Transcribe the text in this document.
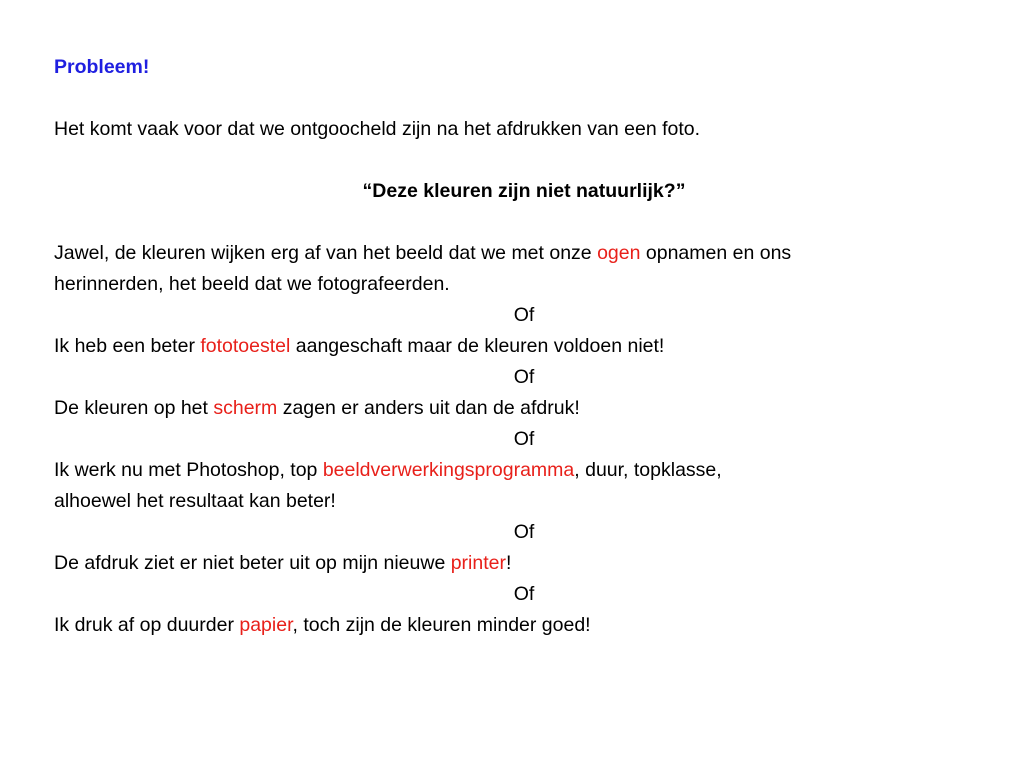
Probleem!
Het komt vaak voor dat we ontgoocheld zijn na het afdrukken van een foto.
“Deze kleuren zijn niet natuurlijk?”
Jawel, de kleuren wijken erg af van het beeld dat we met onze ogen opnamen en ons
herinnerden, het beeld dat we fotografeerden.
Of
Ik heb een beter fototoestel aangeschaft maar de kleuren voldoen niet!
Of
De kleuren op het scherm zagen er anders uit dan de afdruk!
Of
Ik werk nu met Photoshop, top beeldverwerkingsprogramma, duur, topklasse,
alhoewel het resultaat kan beter!
Of
De afdruk ziet er niet beter uit op mijn nieuwe printer!
Of
Ik druk af op duurder papier, toch zijn de kleuren minder goed!
